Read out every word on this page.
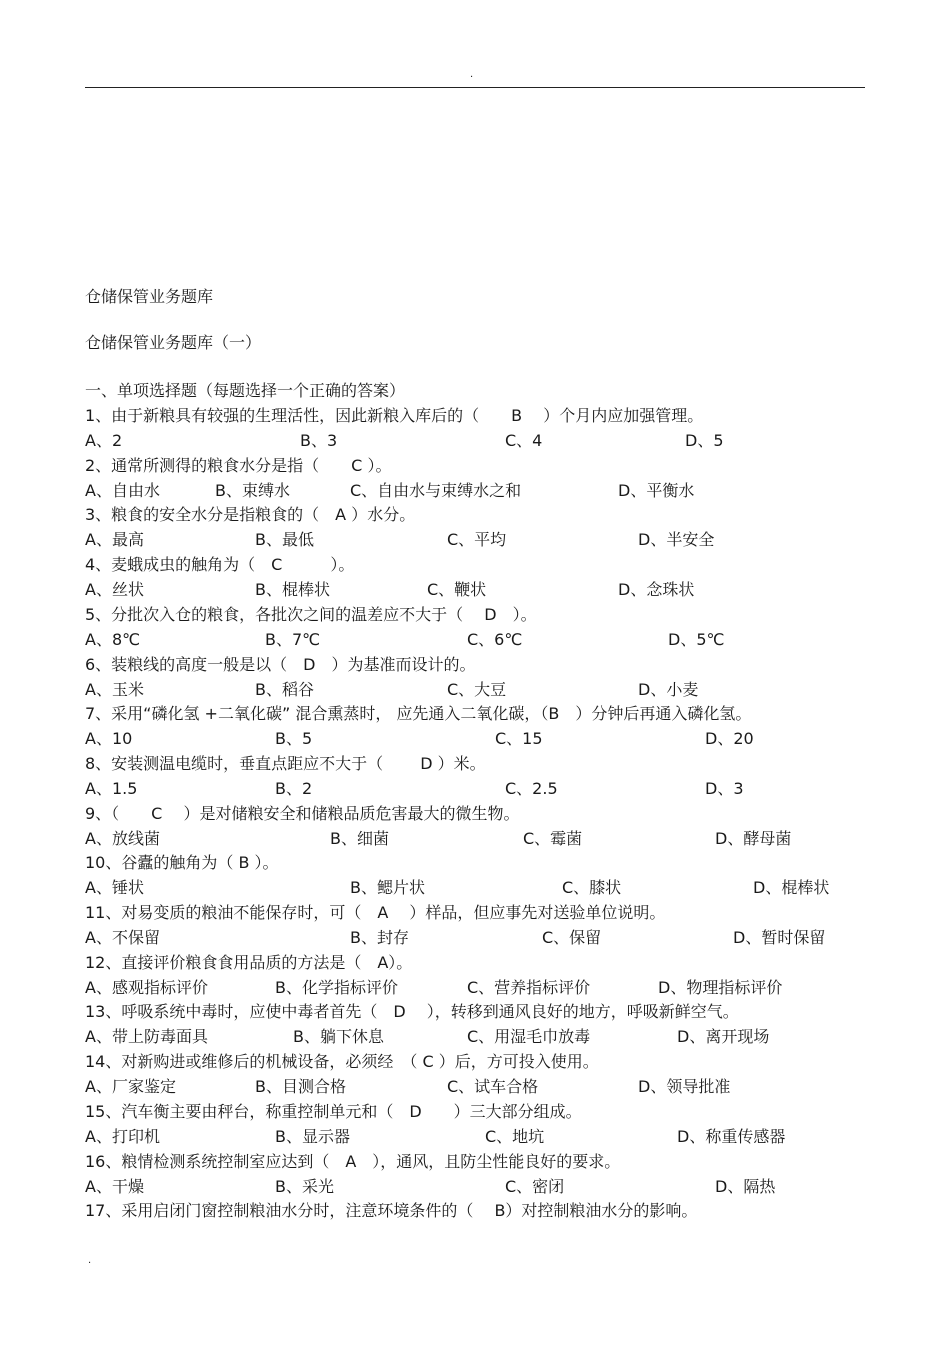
.
仓储保管业务题库
仓储保管业务题库（一）
一、单项选择题（每题选择一个正确的答案）
1、由于新粮具有较强的生理活性，因此新粮入库后的（　　B　 ）个月内应加强管理。
A、2	B、3	C、4	D、5
2、通常所测得的粮食水分是指（　　C ）。
A、自由水	B、束缚水	C、自由水与束缚水之和	D、平衡水
3、粮食的安全水分是指粮食的（　A ）水分。
A、最高	B、最低	C、平均	D、半安全
4、麦蛾成虫的触角为（　C　　　）。
A、丝状	B、棍棒状	C、鞭状	D、念珠状
5、分批次入仓的粮食，各批次之间的温差应不大于（　 D　）。
A、8℃	B、7℃	C、6℃	D、5℃
6、装粮线的高度一般是以（　D　）为基准而设计的。
A、玉米	B、稻谷	C、大豆	D、小麦
7、采用“磷化氢 +二氧化碳” 混合熏蒸时， 应先通入二氧化碳，（B　）分钟后再通入磷化氢。
A、10	B、5	C、15	D、20
8、安装测温电缆时，垂直点距应不大于（　　 D ）米。
A、1.5	B、2	C、2.5	D、3
9、（　　C　 ）是对储粮安全和储粮品质危害最大的微生物。
A、放线菌	B、细菌	C、霉菌	D、酵母菌
10、谷蠹的触角为（ B ）。
A、锤状	B、鳃片状	C、膝状	D、棍棒状
11、对易变质的粮油不能保存时，可（　A　 ）样品，但应事先对送验单位说明。
A、不保留	B、封存	C、保留	D、暂时保留
12、直接评价粮食食用品质的方法是（　A）。
A、感观指标评价	B、化学指标评价	C、营养指标评价	D、物理指标评价
13、呼吸系统中毒时，应使中毒者首先（　D　 ），转移到通风良好的地方，呼吸新鲜空气。
A、带上防毒面具	B、躺下休息	C、用湿毛巾放毒	D、离开现场
14、对新购进或维修后的机械设备，必须经　（ C ）后，方可投入使用。
A、厂家鉴定	B、目测合格	C、试车合格	D、领导批准
15、汽车衡主要由秤台，称重控制单元和（　D　　）三大部分组成。
A、打印机	B、显示器	C、地坑	D、称重传感器
16、粮情检测系统控制室应达到（　A　），通风，且防尘性能良好的要求。
A、干燥	B、采光	C、密闭	D、隔热
17、采用启闭门窗控制粮油水分时，注意环境条件的（　 B）对控制粮油水分的影响。
.
